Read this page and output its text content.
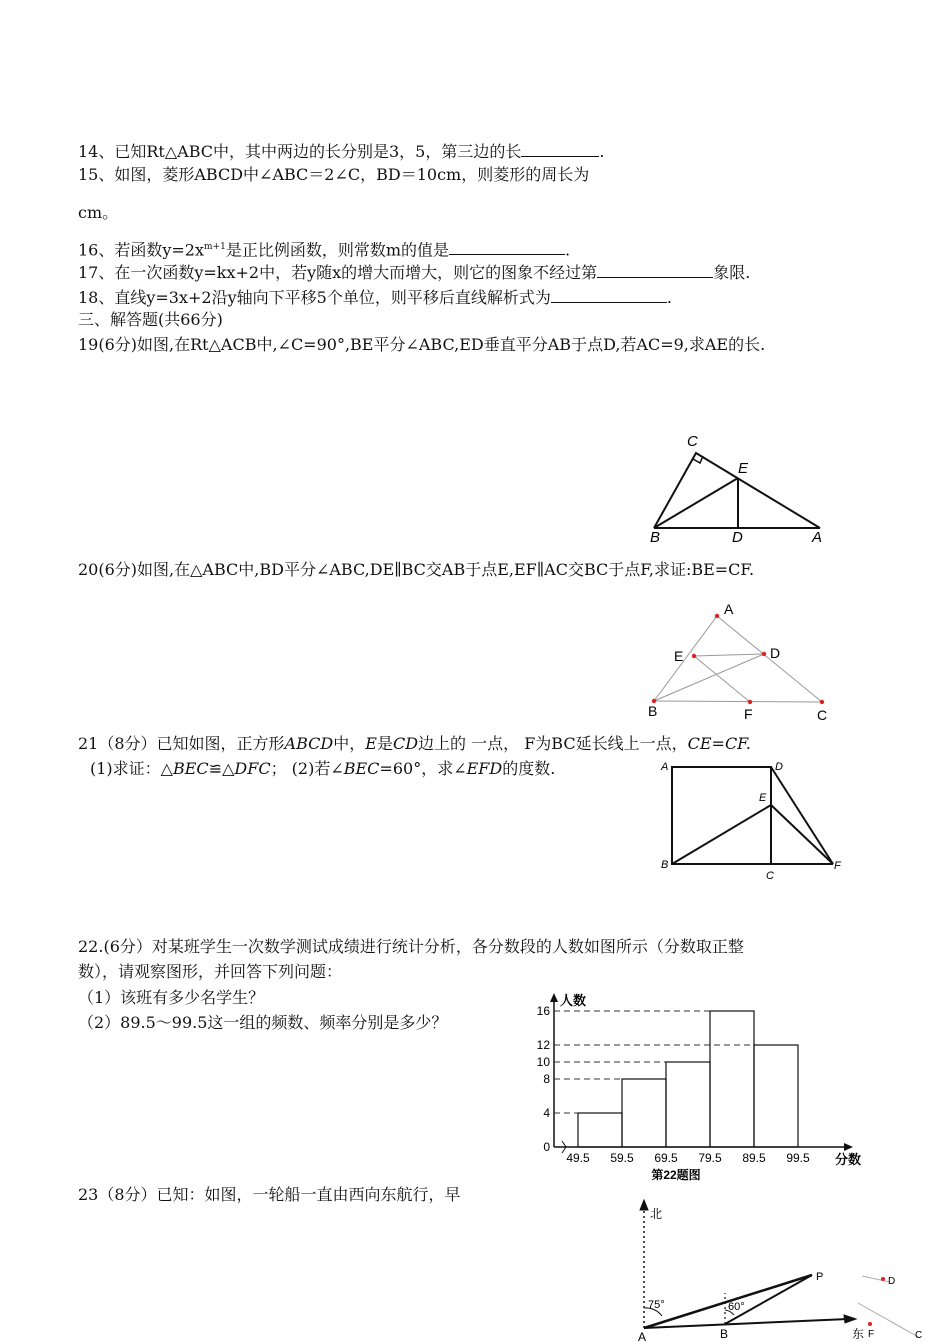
14、已知Rt△ABC中，其中两边的长分别是3，5，第三边的长	.
15、如图，菱形ABCD中∠ABC＝2∠C，BD＝10cm，则菱形的周长为
cm。
16、若函数$y=2x^{m+1}$是正比例函数，则常数m的值是	.
17、在一次函数y=kx+2中，若y随x的增大而增大，则它的图象不经过第	象限.
18、直线y=3x+2沿y轴向下平移5个单位，则平移后直线解析式为	.
三、解答题(共66分)
19(6分)如图,在Rt△ACB中,∠C=90°,BE平分∠ABC,ED垂直平分AB于点D,若AC=9,求AE的长.
C
E
B	D	A
20(6分)如图,在△ABC中,BD平分∠ABC,DE∥BC交AB于点E,EF∥AC交BC于点F,求证:BE=CF.
A
E	D
B	F	C
21（8分）已知如图，正方形ABCD中，E是CD边上的 一点， F为BC延长线上一点，CE=CF.
(1)求证：△BEC≌△DFC； (2)若∠BEC=60°，求∠EFD的度数.	A	D
E
B
C
F
22.(6分）对某班学生一次数学测试成绩进行统计分析，各分数段的人数如图所示（分数取正整
数），请观察图形，并回答下列问题：
（1）该班有多少名学生？
（2）89.5～99.5这一组的频数、频率分别是多少？
0
4
8
10
12
16
49.5 59.5 69.5 79.5 89.5 99.5
人数
分数
第22题图
23（8分）已知：如图，一轮船一直由西向东航行，早
北
75°	60°
P
A	B	东
D
F	C
